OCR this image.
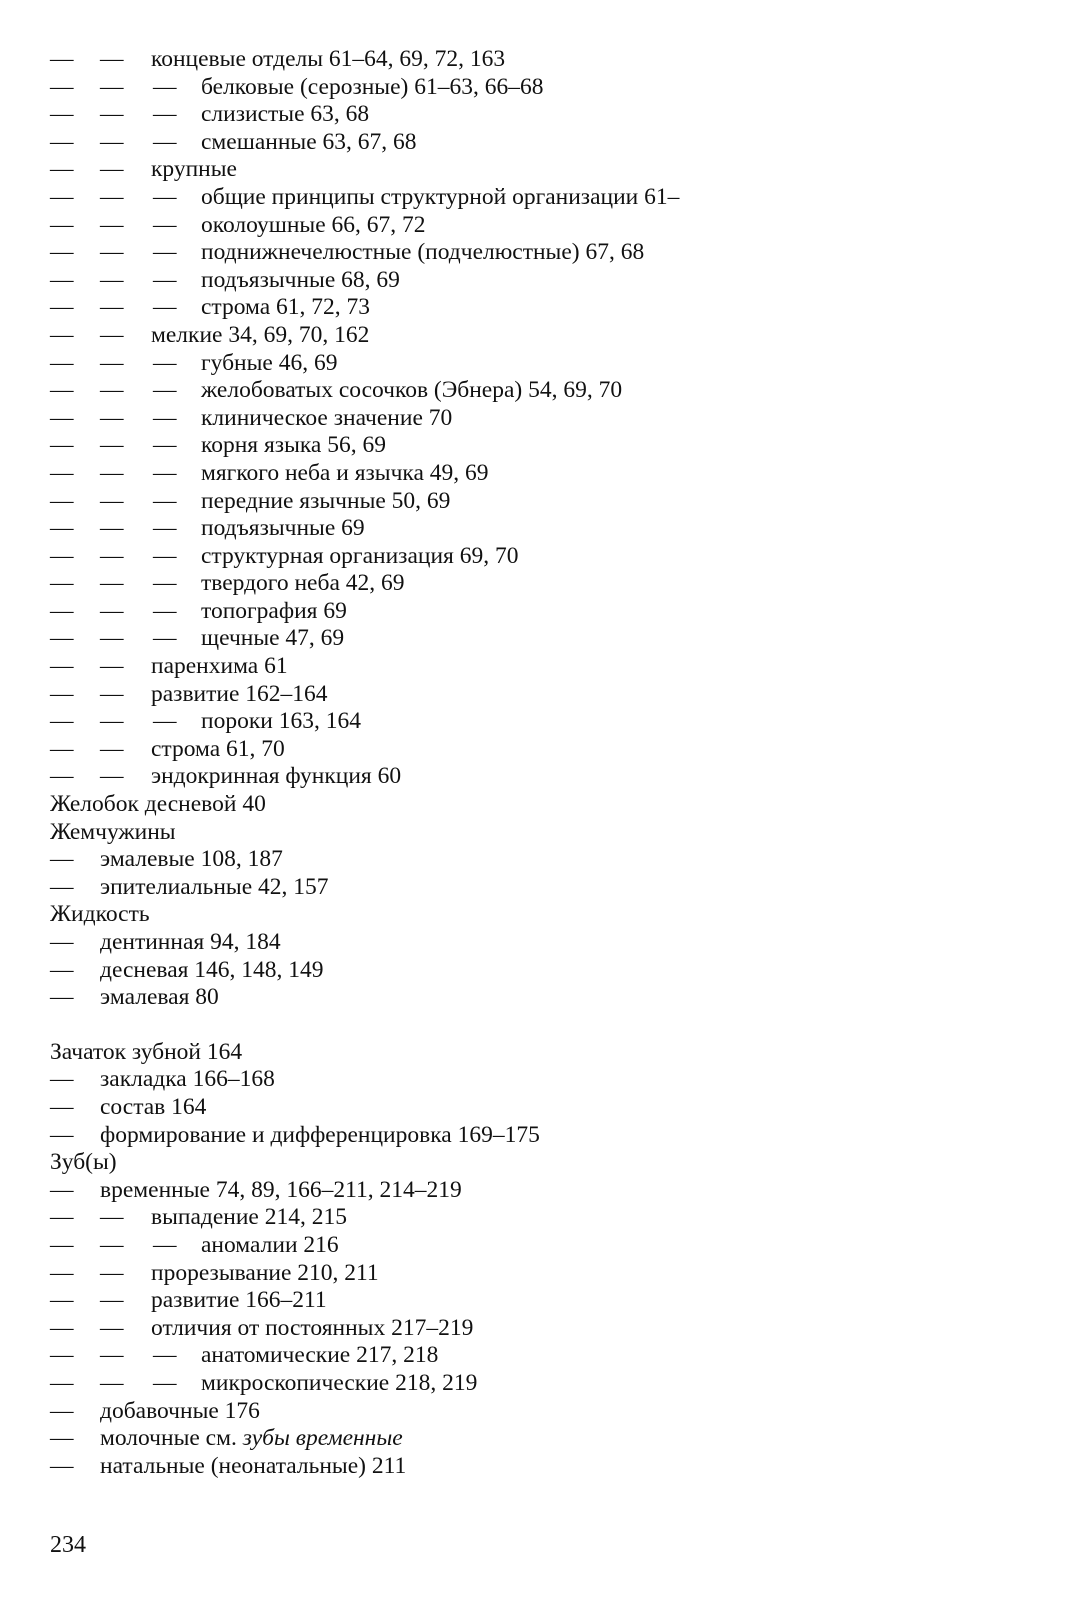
— — концевые отделы 61–64, 69, 72, 163
— — — белковые (серозные) 61–63, 66–68
— — — слизистые 63, 68
— — — смешанные 63, 67, 68
— — крупные
— — — общие принципы структурной организации 61–
— — — околоушные 66, 67, 72
— — — поднижнечелюстные (подчелюстные) 67, 68
— — — подъязычные 68, 69
— — — строма 61, 72, 73
— — мелкие 34, 69, 70, 162
— — — губные 46, 69
— — — желобоватых сосочков (Эбнера) 54, 69, 70
— — — клиническое значение 70
— — — корня языка 56, 69
— — — мягкого неба и язычка 49, 69
— — — передние язычные 50, 69
— — — подъязычные 69
— — — структурная организация 69, 70
— — — твердого неба 42, 69
— — — топография 69
— — — щечные 47, 69
— — паренхима 61
— — развитие 162–164
— — — пороки 163, 164
— — строма 61, 70
— — эндокринная функция 60
Желобок десневой 40
Жемчужины
— эмалевые 108, 187
— эпителиальные 42, 157
Жидкость
— дентинная 94, 184
— десневая 146, 148, 149
— эмалевая 80
Зачаток зубной 164
— закладка 166–168
— состав 164
— формирование и дифференцировка 169–175
Зуб(ы)
— временные 74, 89, 166–211, 214–219
— — выпадение 214, 215
— — — аномалии 216
— — прорезывание 210, 211
— — развитие 166–211
— — отличия от постоянных 217–219
— — — анатомические 217, 218
— — — микроскопические 218, 219
— добавочные 176
— молочные см. зубы временные
— натальные (неонатальные) 211
234
